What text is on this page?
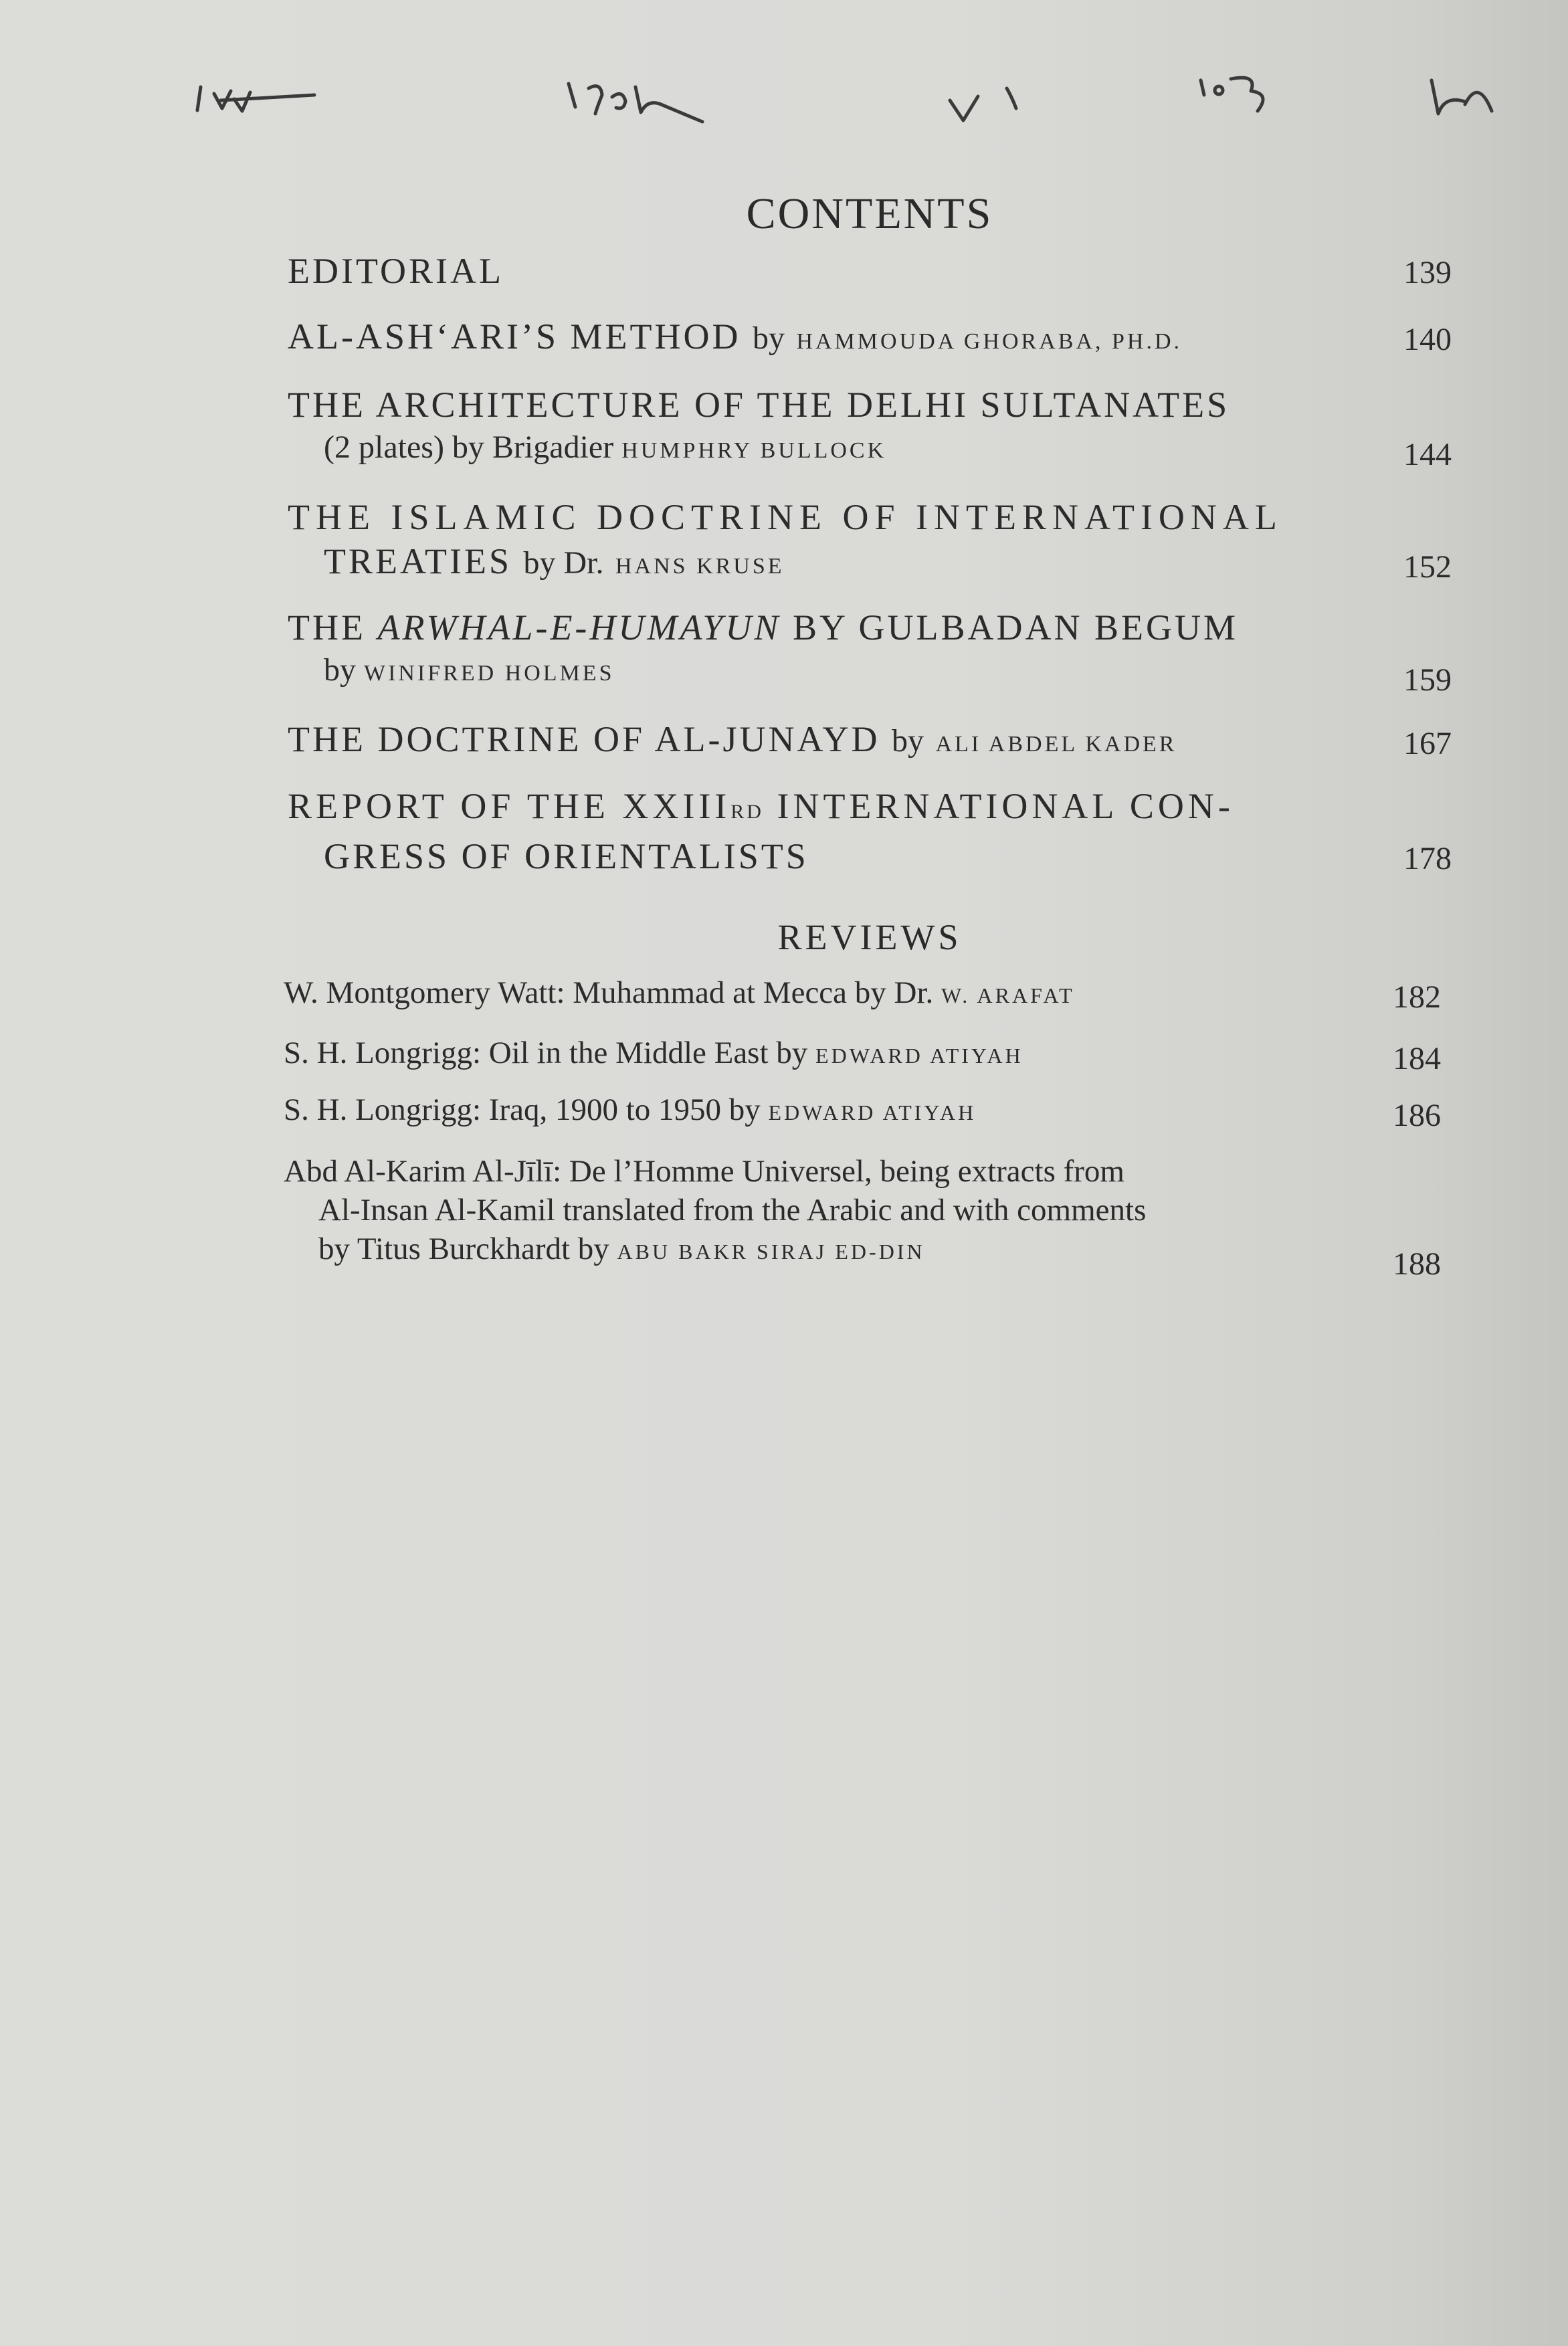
CONTENTS
EDITORIAL	139
AL-ASH‘ARI’S METHOD by HAMMOUDA GHORABA, PH.D.	140
THE ARCHITECTURE OF THE DELHI SULTANATES
(2 plates) by Brigadier HUMPHRY BULLOCK	144
THE ISLAMIC DOCTRINE OF INTERNATIONAL
TREATIES by Dr. HANS KRUSE	152
THE ARWHAL-E-HUMAYUN BY GULBADAN BEGUM
by WINIFRED HOLMES	159
THE DOCTRINE OF AL-JUNAYD by ALI ABDEL KADER	167
REPORT OF THE XXIIIRD INTERNATIONAL CON-
GRESS OF ORIENTALISTS	178
REVIEWS
W. Montgomery Watt: Muhammad at Mecca by Dr. W. ARAFAT	182
S. H. Longrigg: Oil in the Middle East by EDWARD ATIYAH	184
S. H. Longrigg: Iraq, 1900 to 1950 by EDWARD ATIYAH	186
Abd Al-Karim Al-Jīlī: De l’Homme Universel, being extracts from
Al-Insan Al-Kamil translated from the Arabic and with comments
by Titus Burckhardt by ABU BAKR SIRAJ ED-DIN	188
